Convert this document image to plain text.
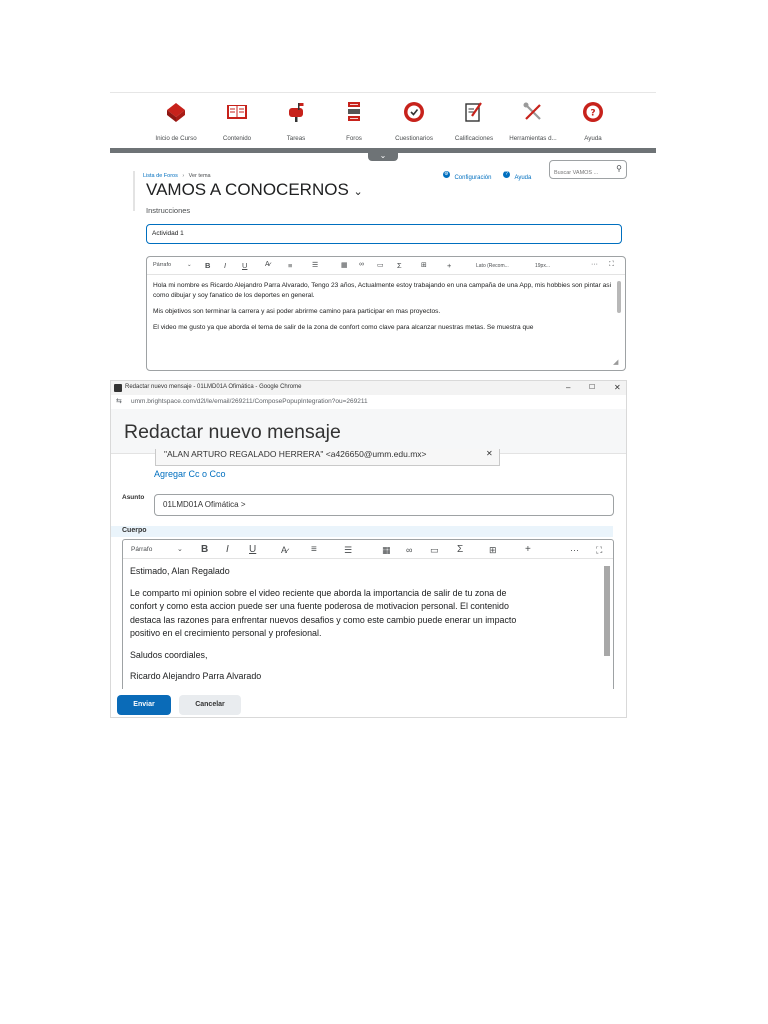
Inicio de Curso	Contenido	Tareas	Foros	Cuestionarios	Calificaciones	Herramientas d...
?
Ayuda
⌄
Lista de Foros › Ver tema	⚙ Configuración
? Ayuda
Buscar VAMOS ...
⚲
VAMOS A CONOCERNOS ⌄
Instrucciones
Actividad 1
Párrafo	⌄ B I U	A̷ ≡	☰	▦ ∞ ▭ Σ	⊞	+	Lato (Recom...	19px...	··· ⛶

Hola mi nombre es Ricardo Alejandro Parra Alvarado, Tengo 23 años, Actualmente estoy trabajando en una campaña de una App, mis hobbies son pintar asi como dibujar y soy fanatico de los deportes en general.

Mis objetivos son terminar la carrera y asi poder abrirme camino para participar en mas proyectos.

El video me gusto ya que aborda el tema de salir de la zona de confort como clave para alcanzar nuestras metas. Se muestra que

◢
Redactar nuevo mensaje - 01LMD01A Ofimática - Google Chrome	–	☐ ✕
⇆ umm.brightspace.com/d2l/le/email/269211/ComposePopupIntegration?ou=269211
Redactar nuevo mensaje
"ALAN ARTURO REGALADO HERRERA" <a426650@umm.edu.mx>	✕
Agregar Cc o Cco
Asunto
01LMD01A Ofimática >
Cuerpo
Párrafo	⌄ B I U	A̷ ≡	☰	▦ ∞ ▭ Σ	⊞	+	··· ⛶
Estimado, Alan Regalado
Le comparto mi opinion sobre el video reciente que aborda la importancia de salir de tu zona de
confort y como esta accion puede ser una fuente poderosa de motivacion personal. El contenido
destaca las razones para enfrentar nuevos desafios y como este cambio puede enerar un impacto
positivo en el crecimiento personal y profesional.
Saludos coordiales,
Ricardo Alejandro Parra Alvarado
Enviar	Cancelar
